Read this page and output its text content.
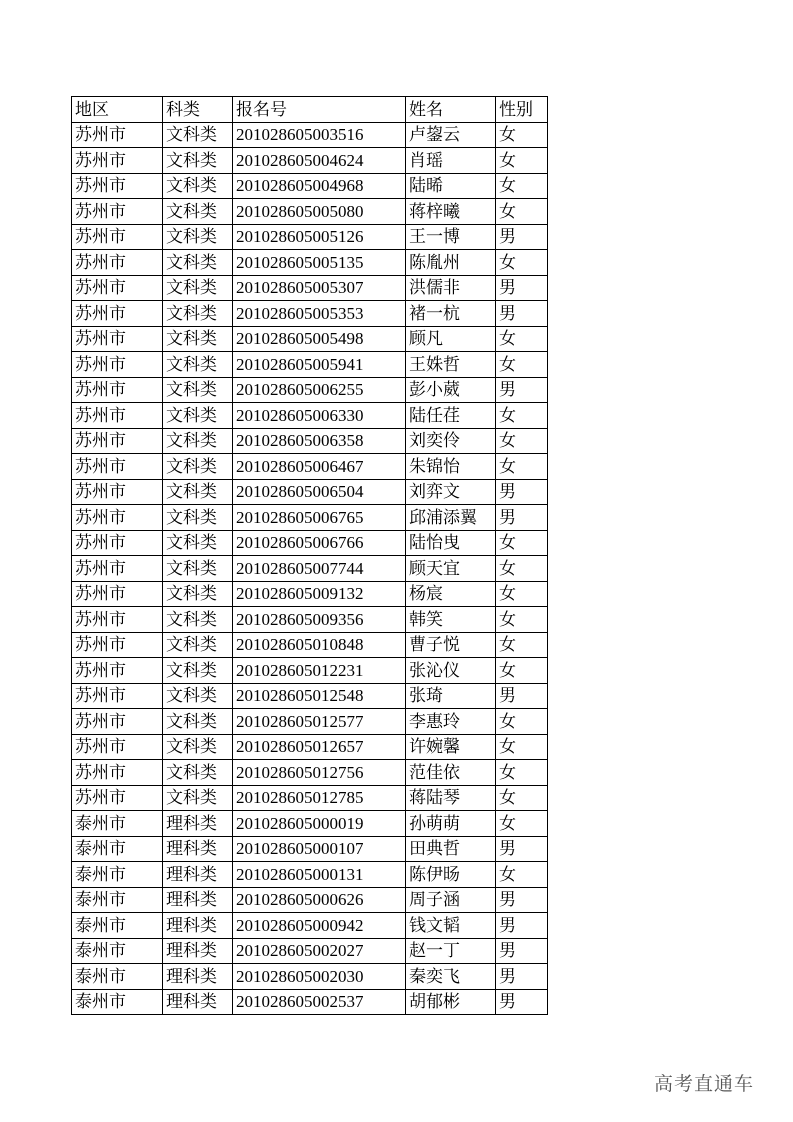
地区	科类	报名号	姓名	性别
苏州市	文科类	201028605003516	卢鋆云	女
苏州市	文科类	201028605004624	肖瑶	女
苏州市	文科类	201028605004968	陆晞	女
苏州市	文科类	201028605005080	蒋梓曦	女
苏州市	文科类	201028605005126	王一博	男
苏州市	文科类	201028605005135	陈胤州	女
苏州市	文科类	201028605005307	洪儒非	男
苏州市	文科类	201028605005353	褚一杭	男
苏州市	文科类	201028605005498	顾凡	女
苏州市	文科类	201028605005941	王姝哲	女
苏州市	文科类	201028605006255	彭小葳	男
苏州市	文科类	201028605006330	陆任荏	女
苏州市	文科类	201028605006358	刘奕伶	女
苏州市	文科类	201028605006467	朱锦怡	女
苏州市	文科类	201028605006504	刘弈文	男
苏州市	文科类	201028605006765	邱浦添翼	男
苏州市	文科类	201028605006766	陆怡曳	女
苏州市	文科类	201028605007744	顾天宜	女
苏州市	文科类	201028605009132	杨宸	女
苏州市	文科类	201028605009356	韩笑	女
苏州市	文科类	201028605010848	曹子悦	女
苏州市	文科类	201028605012231	张沁仪	女
苏州市	文科类	201028605012548	张琦	男
苏州市	文科类	201028605012577	李惠玲	女
苏州市	文科类	201028605012657	许婉馨	女
苏州市	文科类	201028605012756	范佳依	女
苏州市	文科类	201028605012785	蒋陆琴	女
泰州市	理科类	201028605000019	孙萌萌	女
泰州市	理科类	201028605000107	田典哲	男
泰州市	理科类	201028605000131	陈伊旸	女
泰州市	理科类	201028605000626	周子涵	男
泰州市	理科类	201028605000942	钱文韬	男
泰州市	理科类	201028605002027	赵一丁	男
泰州市	理科类	201028605002030	秦奕飞	男
泰州市	理科类	201028605002537	胡郁彬	男
高考直通车
